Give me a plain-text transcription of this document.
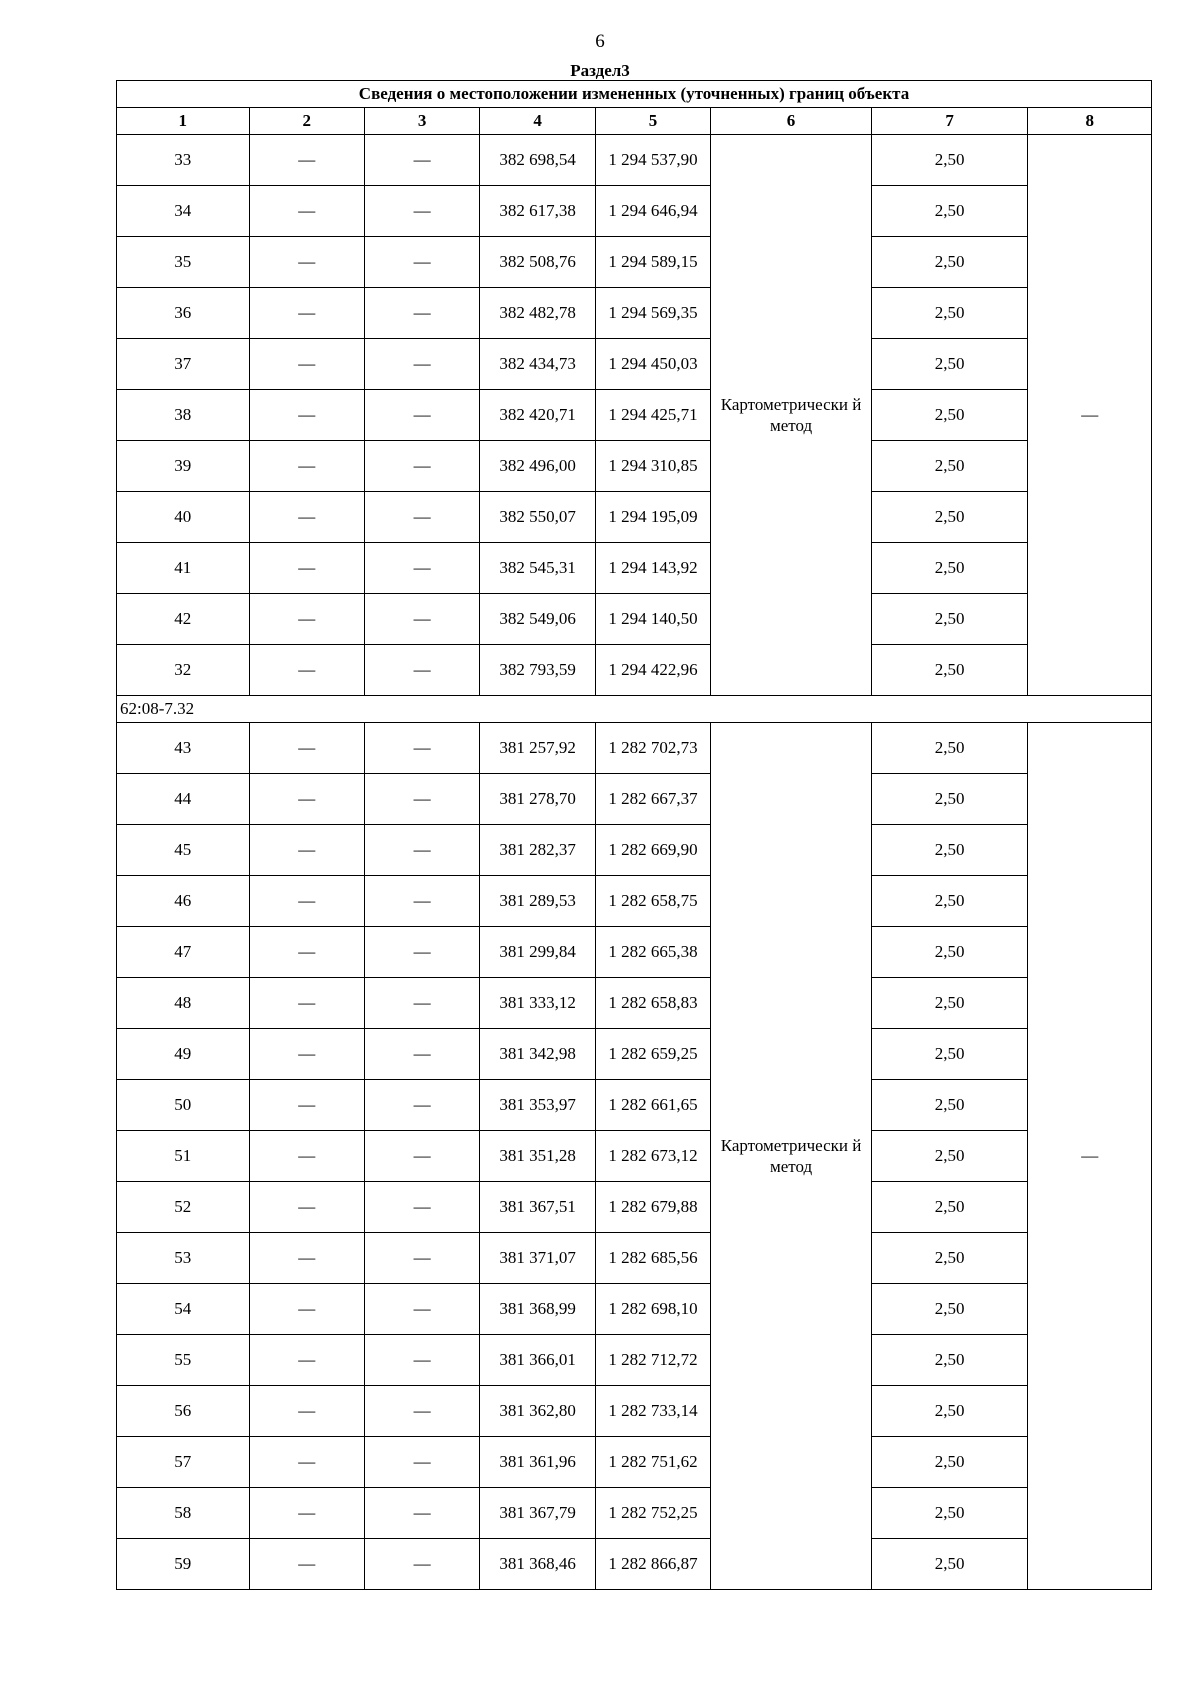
6
Раздел3
Сведения о местоположении измененных (уточненных) границ объекта							
1	2	3	4	5	6	7	8
33	—	—	382 698,54	1 294 537,90	Картометрически й метод	2,50	—
34	—	—	382 617,38	1 294 646,94		2,50	
35	—	—	382 508,76	1 294 589,15		2,50	
36	—	—	382 482,78	1 294 569,35		2,50	
37	—	—	382 434,73	1 294 450,03		2,50	
38	—	—	382 420,71	1 294 425,71		2,50	
39	—	—	382 496,00	1 294 310,85		2,50	
40	—	—	382 550,07	1 294 195,09		2,50	
41	—	—	382 545,31	1 294 143,92		2,50	
42	—	—	382 549,06	1 294 140,50		2,50	
32	—	—	382 793,59	1 294 422,96		2,50	
62:08-7.32							
43	—	—	381 257,92	1 282 702,73	Картометрически й метод	2,50	—
44	—	—	381 278,70	1 282 667,37		2,50	
45	—	—	381 282,37	1 282 669,90		2,50	
46	—	—	381 289,53	1 282 658,75		2,50	
47	—	—	381 299,84	1 282 665,38		2,50	
48	—	—	381 333,12	1 282 658,83		2,50	
49	—	—	381 342,98	1 282 659,25		2,50	
50	—	—	381 353,97	1 282 661,65		2,50	
51	—	—	381 351,28	1 282 673,12		2,50	
52	—	—	381 367,51	1 282 679,88		2,50	
53	—	—	381 371,07	1 282 685,56		2,50	
54	—	—	381 368,99	1 282 698,10		2,50	
55	—	—	381 366,01	1 282 712,72		2,50	
56	—	—	381 362,80	1 282 733,14		2,50	
57	—	—	381 361,96	1 282 751,62		2,50	
58	—	—	381 367,79	1 282 752,25		2,50	
59	—	—	381 368,46	1 282 866,87		2,50	
